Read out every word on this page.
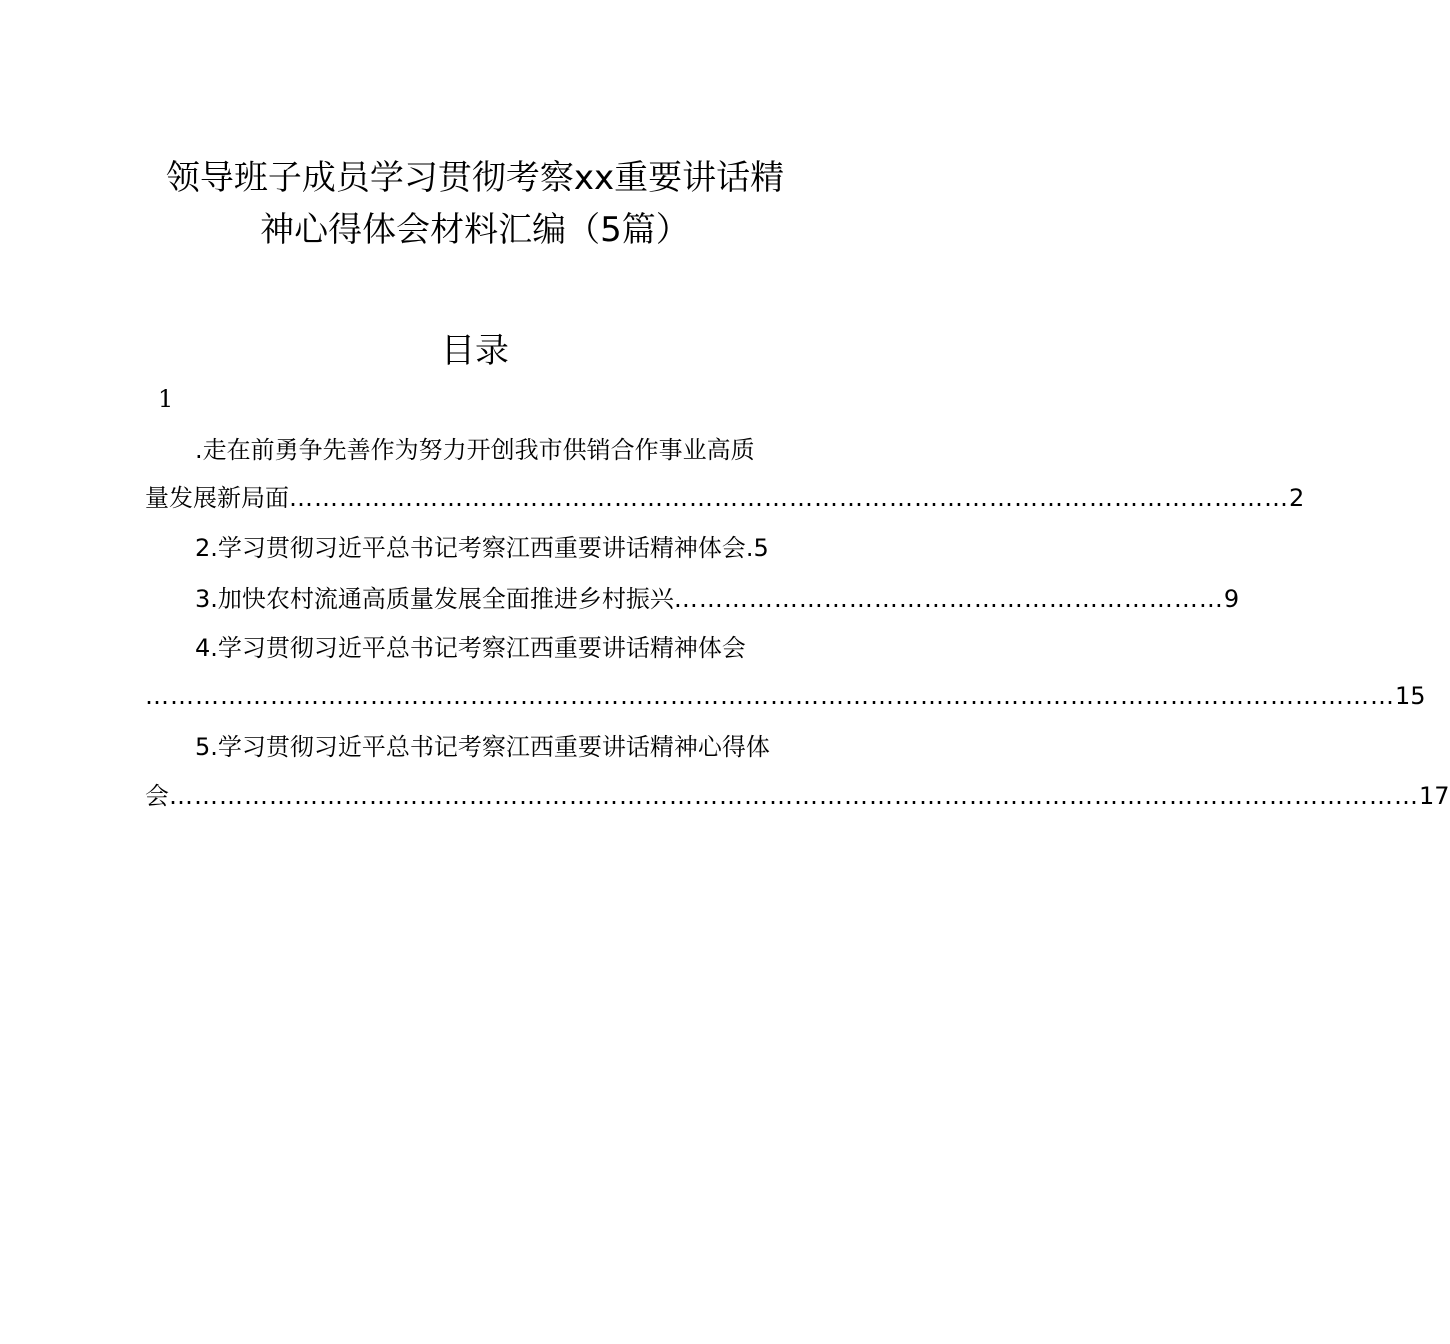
领导班子成员学习贯彻考察xx重要讲话精
神心得体会材料汇编（5篇）
目录
1
.走在前勇争先善作为努力开创我市供销合作事业高质
量发展新局面 ………………………………………………………………………………………………………… 2
2.学习贯彻习近平总书记考察江西重要讲话精神体会. 5
3.加快农村流通高质量发展全面推进乡村振兴 ………………………………………………………… 9
4.学习贯彻习近平总书记考察江西重要讲话精神体会
…………………………………………………………………………………………………………………………………… 15
5.学习贯彻习近平总书记考察江西重要讲话精神心得体
会 …………………………………………………………………………………………………………………………………… 17
